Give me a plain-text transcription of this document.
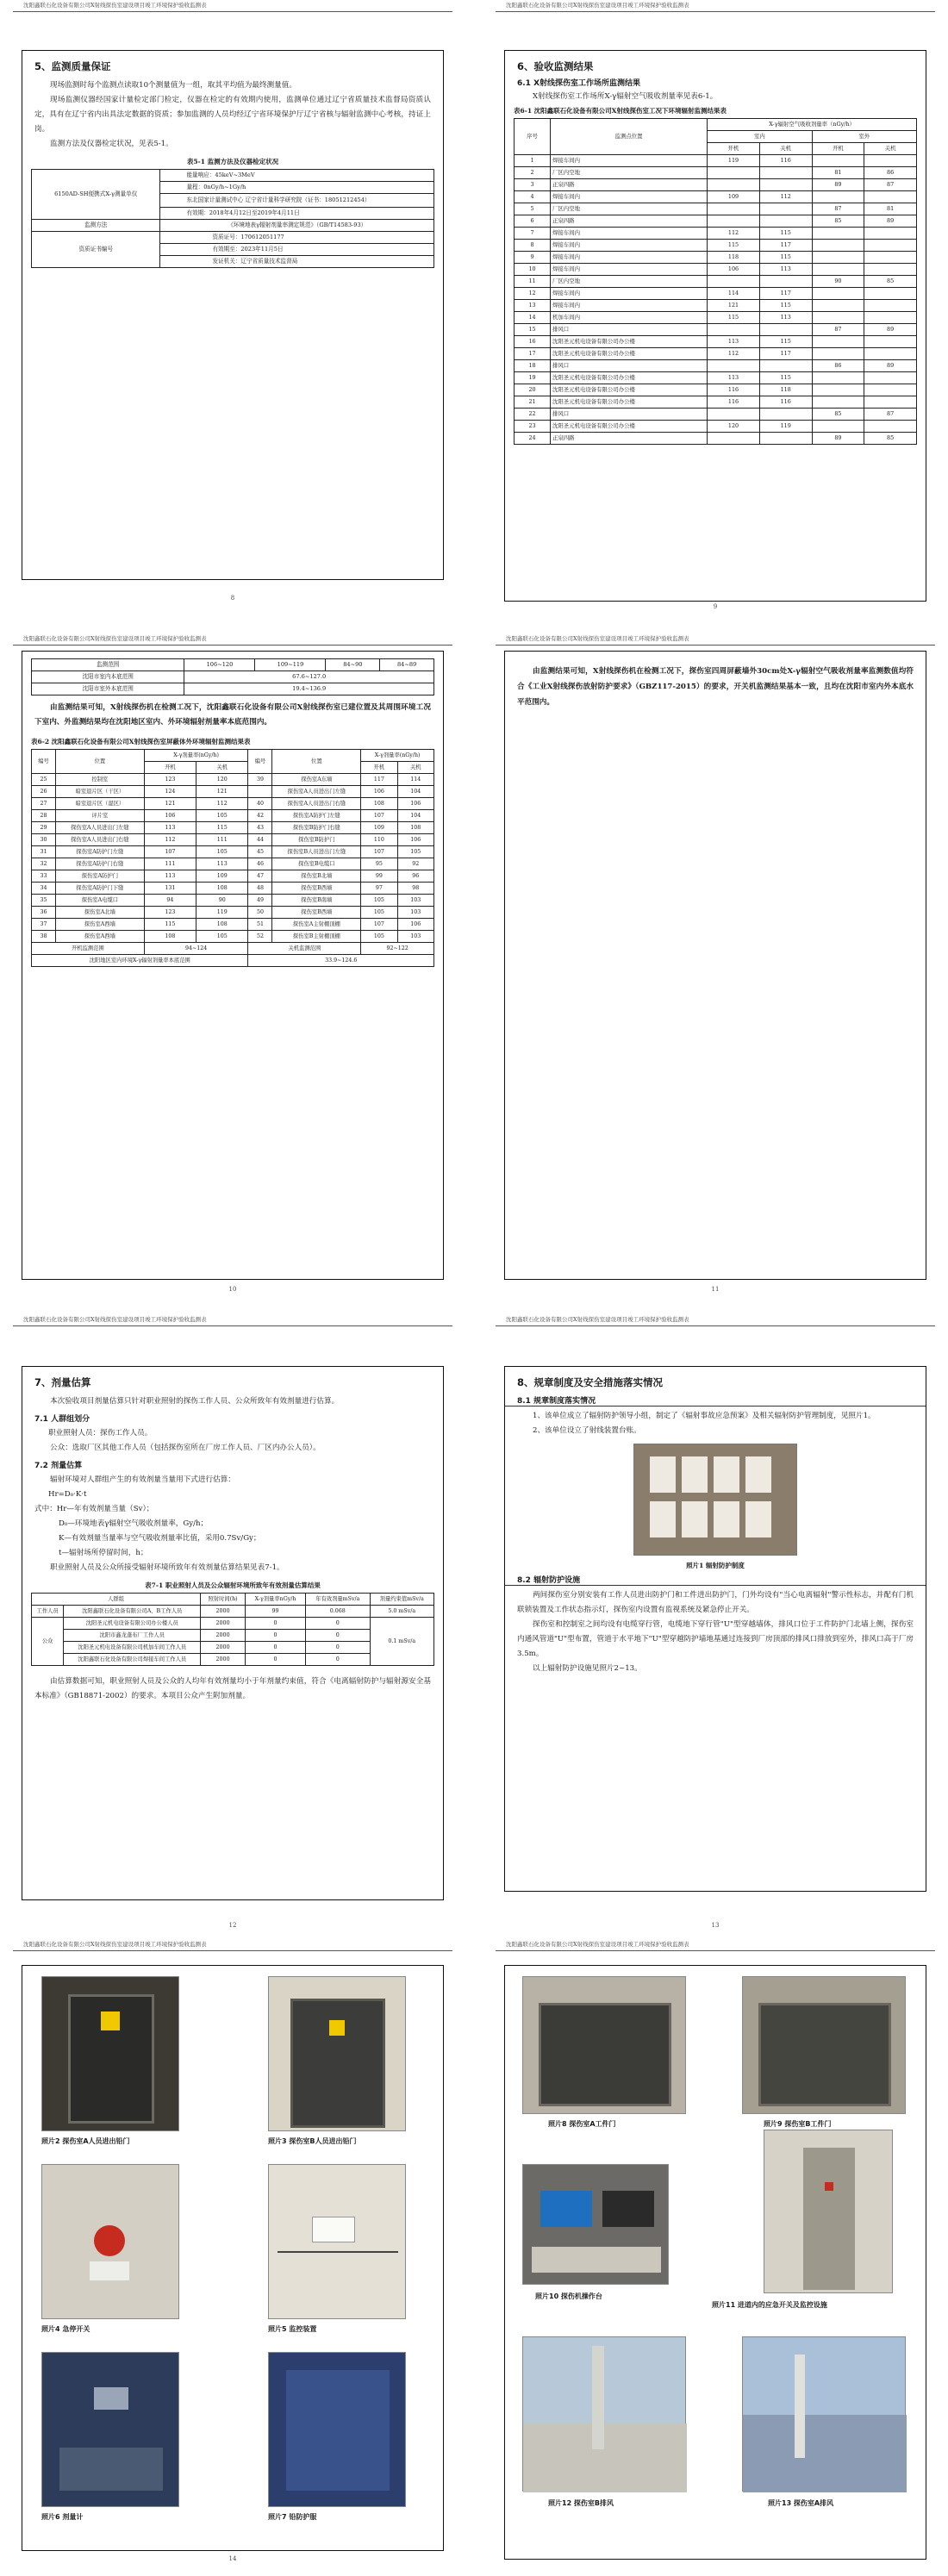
沈阳鑫联石化设备有限公司X射线探伤室建设项目竣工环境保护验收监测表
5、监测质量保证
现场监测时每个监测点读取10个测量值为一组，取其平均值为最终测量值。
现场监测仪器经国家计量检定部门检定，仪器在检定的有效期内使用，监测单位通过辽宁省质量技术监督局资质认定，具有在辽宁省内出具法定数据的资质；参加监测的人员均经辽宁省环境保护厅辽宁省核与辐射监测中心考核，持证上岗。
监测方法及仪器检定状况，见表5-1。
表5-1 监测方法及仪器检定状况
6150AD-SH便携式X-γ测量单仪	能量响应：45keV~3MeV
	量程：0nGy/h~1Gy/h
	东北国家计量测试中心 辽宁省计量科学研究院（证书：18051212454）
	有效期：2018年4月12日至2019年4月11日
监测方法	《环境地表γ辐射剂量率测定规范》（GB/T14583-93）
资质证书编号	资质证号：170612051177
	有效期至：2023年11月5日
	发证机关：辽宁省质量技术监督局
8
沈阳鑫联石化设备有限公司X射线探伤室建设项目竣工环境保护验收监测表
6、验收监测结果
6.1 X射线探伤室工作场所监测结果
X射线探伤室工作场所X-γ辐射空气吸收剂量率见表6-1。
表6-1 沈阳鑫联石化设备有限公司X射线探伤室工况下环境辐射监测结果表
序号	监测点位置	X-γ辐射空气吸收剂量率（nGy/h）			
		室内		室外	
		开机	关机	开机	关机
1	焊接车间内	119	116		
2	厂区内空地			81	86
3	正泉四路			89	87
4	焊接车间内	109	112		
5	厂区内空地			87	81
6	正泉四路			85	89
7	焊接车间内	112	115		
8	焊接车间内	115	117		
9	焊接车间内	118	115		
10	焊接车间内	106	113		
11	厂区内空地			90	85
12	焊接车间内	114	117		
13	焊接车间内	121	115		
14	机加车间内	115	113		
15	排风口			87	89
16	沈阳圣元机电设备有限公司办公楼	113	115		
17	沈阳圣元机电设备有限公司办公楼	112	117		
18	排风口			86	89
19	沈阳圣元机电设备有限公司办公楼	113	115		
20	沈阳圣元机电设备有限公司办公楼	116	118		
21	沈阳圣元机电设备有限公司办公楼	116	116		
22	排风口			85	87
23	沈阳圣元机电设备有限公司办公楼	120	119		
24	正泉四路			89	85
9
沈阳鑫联石化设备有限公司X射线探伤室建设项目竣工环境保护验收监测表
监测范围	106~120	109~119	84~90	84~89
沈阳市室内本底范围	67.6~127.0			
沈阳市室外本底范围	19.4~136.9			
由监测结果可知，X射线探伤机在检测工况下，沈阳鑫联石化设备有限公司X射线探伤室已建位置及其周围环境工况下室内、外监测结果均在沈阳地区室内、外环境辐射剂量率本底范围内。
表6-2 沈阳鑫联石化设备有限公司X射线探伤室屏蔽体外环境辐射监测结果表
编号	位置	X-γ剂量率(nGy/h)		编号	位置	X-γ剂量率(nGy/h)	
		开机	关机			开机	关机
25	控制室	123	120	39	探伤室A东墙	117	114
26	暗室退片区（干区）	124	121		探伤室A人员进出门左缝	106	104
27	暗室退片区（湿区）	121	112	40	探伤室A人员进出门右缝	108	106
28	评片室	106	105	42	探伤室A防护门左缝	107	104
29	探伤室A人员进出门左缝	113	115	43	探伤室B防护门右缝	109	108
30	探伤室A人员进出门右缝	112	111	44	探伤室B防护门	110	106
31	探伤室A防护门左缝	107	105	45	探伤室B人员进出门左缝	107	105
32	探伤室A防护门右缝	111	113	46	探伤室B电缆口	95	92
33	探伤室A防护门	113	109	47	探伤室B北墙	99	96
34	探伤室A防护门下缝	131	108	48	探伤室B西墙	97	98
35	探伤室A电缆口	94	90	49	探伤室B南墙	105	103
36	探伤室A北墙	123	119	50	探伤室B西墙	105	103
37	探伤室A西墙	115	108	51	探伤室A主射棚顶棚	107	106
38	探伤室A西墙	108	105	52	探伤室B主射棚顶棚	105	103
开机监测范围		94~124		关机监测范围		92~122	
沈阳地区室内环境X-γ辐射剂量率本底范围				33.9~124.6			
10
沈阳鑫联石化设备有限公司X射线探伤室建设项目竣工环境保护验收监测表
由监测结果可知，X射线探伤机在检测工况下，探伤室四周屏蔽墙外30cm处X-γ辐射空气吸收剂量率监测数值均符合《工业X射线探伤放射防护要求》（GBZ117-2015）的要求，开关机监测结果基本一致，且均在沈阳市室内外本底水平范围内。
11
沈阳鑫联石化设备有限公司X射线探伤室建设项目竣工环境保护验收监测表
7、剂量估算
本次验收项目剂量估算只针对职业照射的探伤工作人员、公众所致年有效剂量进行估算。
7.1 人群组划分
职业照射人员：探伤工作人员。
公众：选取厂区其他工作人员（包括探伤室所在厂房工作人员、厂区内办公人员）。
7.2 剂量估算
辐射环境对人群组产生的有效剂量当量用下式进行估算：
Hr=D₀·K·t
式中：Hr—年有效剂量当量（Sv）；
D₀—环境地表γ辐射空气吸收剂量率，Gy/h；
K—有效剂量当量率与空气吸收剂量率比值，采用0.7Sv/Gy；
t—辐射场所停留时间，h；
职业照射人员及公众所接受辐射环境所致年有效剂量估算结果见表7-1。
表7-1 职业照射人员及公众辐射环境所致年有效剂量估算结果
人群组		照射时间(h)	X-γ剂量率nGy/h	年有效剂量mSv/a	剂量约束值mSv/a
工作人员	沈阳鑫联石化设备有限公司A、B工作人员	2000	99	0.068	5.0 mSv/a
公众	沈阳圣元机电设备有限公司办公楼人员	2000	0	0	0.1 mSv/a
	沈阳市鑫龙蓬布厂工作人员	2000	0	0	
	沈阳圣元机电设备有限公司机加车间工作人员	2000	0	0	
	沈阳鑫联石化设备有限公司焊接车间工作人员	2000	0	0	
由估算数据可知，职业照射人员及公众的人均年有效剂量均小于年剂量约束值，符合《电离辐射防护与辐射源安全基本标准》（GB18871-2002）的要求。本项目公众产生附加剂量。
12
沈阳鑫联石化设备有限公司X射线探伤室建设项目竣工环境保护验收监测表
8、规章制度及安全措施落实情况
8.1 规章制度落实情况
1、该单位成立了辐射防护领导小组，制定了《辐射事故应急预案》及相关辐射防护管理制度，见照片1。
2、该单位设立了射线装置台账。
照片1 辐射防护制度
8.2 辐射防护设施
两间探伤室分别安装有工作人员进出防护门和工件进出防护门，门外均设有"当心电离辐射"警示性标志，并配有门机联锁装置及工作状态指示灯，探伤室内设置有监视系统及紧急停止开关。
探伤室和控制室之间均设有电缆穿行管，电缆地下穿行管"U"型穿越墙体，排风口位于工件防护门北墙上侧，探伤室内通风管道"U"型布置，管道于水平地下"U"型穿越防护墙地基通过连接到厂房顶部的排风口排放到室外，排风口高于厂房3.5m。
以上辐射防护设施见照片2~13。
13
沈阳鑫联石化设备有限公司X射线探伤室建设项目竣工环境保护验收监测表
照片2 探伤室A人员进出铅门	照片3 探伤室B人员进出铅门
照片4 急停开关	照片5 监控装置
照片6 剂量计	照片7 铅防护服
14
沈阳鑫联石化设备有限公司X射线探伤室建设项目竣工环境保护验收监测表
照片8 探伤室A工件门	照片9 探伤室B工件门
照片10 探伤机操作台
照片11 进道内的应急开关及监控设施
照片12 探伤室B排风	照片13 探伤室A排风
